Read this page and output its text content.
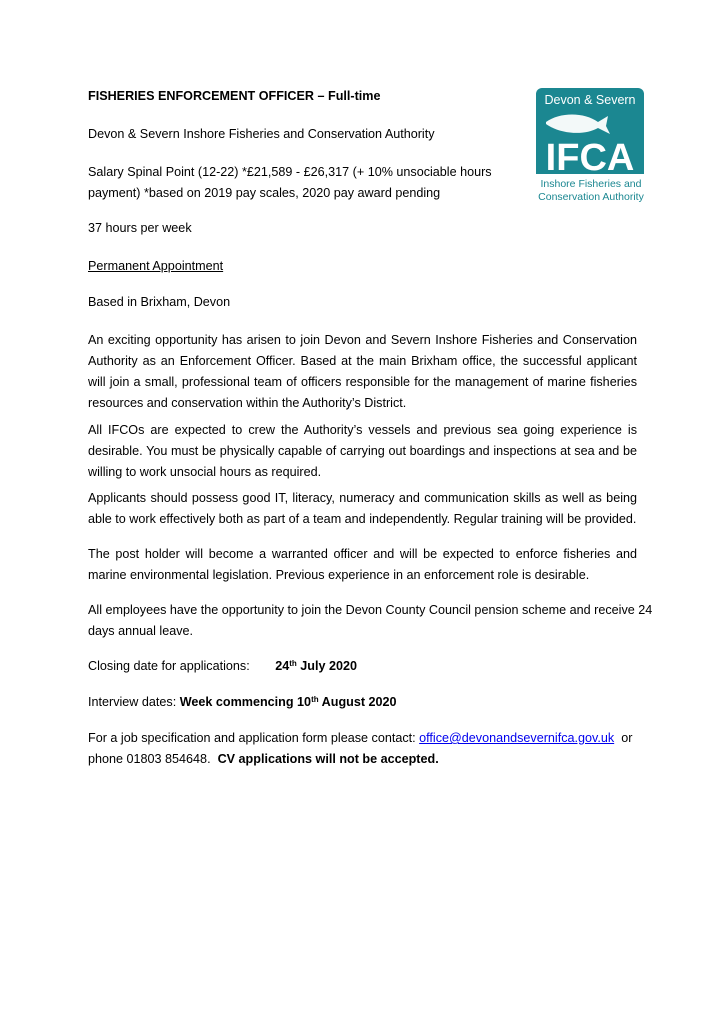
Devon & Severn
IFCA
Inshore Fisheries and
Conservation Authority

FISHERIES ENFORCEMENT OFFICER – Full-time

Devon & Severn Inshore Fisheries and Conservation Authority

Salary Spinal Point (12-22) *£21,589 - £26,317 (+ 10% unsociable hours
payment) *based on 2019 pay scales, 2020 pay award pending

37 hours per week

Permanent Appointment

Based in Brixham, Devon

An exciting opportunity has arisen to join Devon and Severn Inshore Fisheries and Conservation Authority as an Enforcement Officer. Based at the main Brixham office, the successful applicant will join a small, professional team of officers responsible for the management of marine fisheries resources and conservation within the Authority’s District.

All IFCOs are expected to crew the Authority’s vessels and previous sea going experience is desirable. You must be physically capable of carrying out boardings and inspections at sea and be willing to work unsocial hours as required.

Applicants should possess good IT, literacy, numeracy and communication skills as well as being able to work effectively both as part of a team and independently. Regular training will be provided.

The post holder will become a warranted officer and will be expected to enforce fisheries and marine environmental legislation. Previous experience in an enforcement role is desirable.

All employees have the opportunity to join the Devon County Council pension scheme and receive 24
days annual leave.

Closing date for applications: 24th July 2020

Interview dates: Week commencing 10th August 2020

For a job specification and application form please contact: office@devonandsevernifca.gov.uk or
phone 01803 854648. CV applications will not be accepted.
